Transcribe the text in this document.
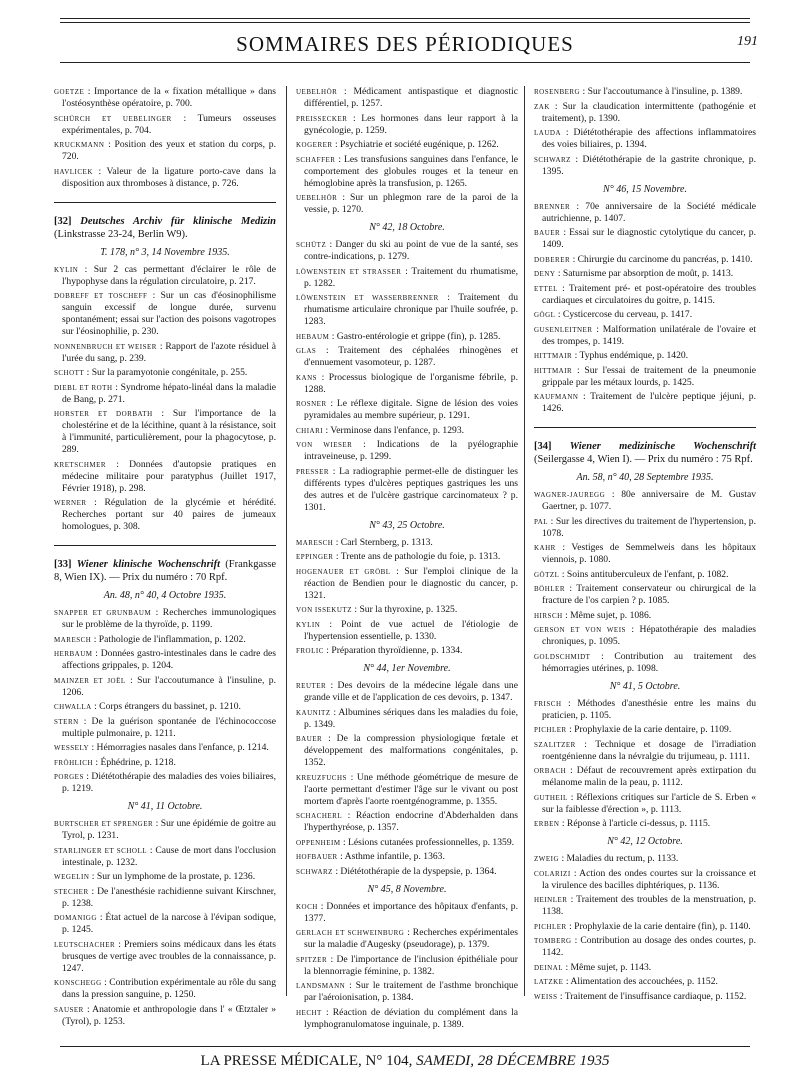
SOMMAIRES DES PÉRIODIQUES	191
GOETZE : Importance de la « fixation métallique » dans l'ostéosynthèse opératoire, p. 700.
SCHÜRCH ET UEBELINGER : Tumeurs osseuses expérimentales, p. 704.
KRUCKMANN : Position des yeux et station du corps, p. 720.
HAVLICEK : Valeur de la ligature porto-cave dans la disposition aux thromboses à distance, p. 726.
[32] Deutsches Archiv für klinische Medizin (Linkstrasse 23-24, Berlin W9).
T. 178, n° 3, 14 Novembre 1935.
KYLIN : Sur 2 cas permettant d'éclairer le rôle de l'hypophyse dans la régulation circulatoire, p. 217.
DOBREFF ET TOSCHEFF : Sur un cas d'éosinophilisme sanguin excessif de longue durée, survenu spontanément; essai sur l'action des poisons vagotropes sur l'éosinophilie, p. 230.
NONNENBRUCH ET WEISER : Rapport de l'azote résiduel à l'urée du sang, p. 239.
SCHOTT : Sur la paramyotonie congénitale, p. 255.
DIEBL ET ROTH : Syndrome hépato-linéal dans la maladie de Bang, p. 271.
HORSTER ET DORBATH : Sur l'importance de la cholestérine et de la lécithine, quant à la résistance, soit à l'immunité, particulièrement, pour la phagocytose, p. 289.
KRETSCHMER : Données d'autopsie pratiques en médecine militaire pour paratyphus (Juillet 1917, Février 1918), p. 298.
WERNER : Régulation de la glycémie et hérédité. Recherches portant sur 40 paires de jumeaux homologues, p. 308.
[33] Wiener klinische Wochenschrift (Frankgasse 8, Wien IX). — Prix du numéro : 70 Rpf.
An. 48, n° 40, 4 Octobre 1935.
SNAPPER ET GRUNBAUM : Recherches immunologiques sur le problème de la thyroïde, p. 1199.
MARESCH : Pathologie de l'inflammation, p. 1202.
HERBAUM : Données gastro-intestinales dans le cadre des affections grippales, p. 1204.
MAINZER ET JOËL : Sur l'accoutumance à l'insuline, p. 1206.
CHWALLA : Corps étrangers du bassinet, p. 1210.
STERN : De la guérison spontanée de l'échinococcose multiple pulmonaire, p. 1211.
WESSELY : Hémorragies nasales dans l'enfance, p. 1214.
FRÖHLICH : Éphédrine, p. 1218.
PORGES : Diététothérapie des maladies des voies biliaires, p. 1219.
N° 41, 11 Octobre.
BURTSCHER ET SPRENGER : Sur une épidémie de goitre au Tyrol, p. 1231.
STARLINGER ET SCHOLL : Cause de mort dans l'occlusion intestinale, p. 1232.
WEGELIN : Sur un lymphome de la prostate, p. 1236.
STECHER : De l'anesthésie rachidienne suivant Kirschner, p. 1238.
DOMANIGG : État actuel de la narcose à l'évipan sodique, p. 1245.
LEUTSCHACHER : Premiers soins médicaux dans les états brusques de vertige avec troubles de la connaissance, p. 1247.
KONSCHEGG : Contribution expérimentale au rôle du sang dans la pression sanguine, p. 1250.
SAUSER : Anatomie et anthropologie dans l' « Œtztaler » (Tyrol), p. 1253.
UEBELHÖR : Médicament antispastique et diagnostic différentiel, p. 1257.
PREISSECKER : Les hormones dans leur rapport à la gynécologie, p. 1259.
KOGERER : Psychiatrie et société eugénique, p. 1262.
SCHAFFER : Les transfusions sanguines dans l'enfance, le comportement des globules rouges et la teneur en hémoglobine après la transfusion, p. 1265.
UEBELHÖR : Sur un phlegmon rare de la paroi de la vessie, p. 1270.
N° 42, 18 Octobre.
SCHÜTZ : Danger du ski au point de vue de la santé, ses contre-indications, p. 1279.
LÖWENSTEIN ET STRASSER : Traitement du rhumatisme, p. 1282.
LÖWENSTEIN ET WASSERBRENNER : Traitement du rhumatisme articulaire chronique par l'huile soufrée, p. 1283.
HEBAUM : Gastro-entérologie et grippe (fin), p. 1285.
GLAS : Traitement des céphalées rhinogènes et d'ennuement vasomoteur, p. 1287.
KANS : Processus biologique de l'organisme fébrile, p. 1288.
ROSNER : Le réflexe digitale. Signe de lésion des voies pyramidales au membre supérieur, p. 1291.
CHIARI : Verminose dans l'enfance, p. 1293.
VON WIESER : Indications de la pyélographie intraveineuse, p. 1299.
PRESSER : La radiographie permet-elle de distinguer les différents types d'ulcères peptiques gastriques les uns des autres et de l'ulcère gastrique carcinomateux ? p. 1301.
N° 43, 25 Octobre.
MARESCH : Carl Sternberg, p. 1313.
EPPINGER : Trente ans de pathologie du foie, p. 1313.
HOGENAUER ET GRÖBL : Sur l'emploi clinique de la réaction de Bendien pour le diagnostic du cancer, p. 1321.
VON ISSEKUTZ : Sur la thyroxine, p. 1325.
KYLIN : Point de vue actuel de l'étiologie de l'hypertension essentielle, p. 1330.
FROLIC : Préparation thyroïdienne, p. 1334.
N° 44, 1er Novembre.
REUTER : Des devoirs de la médecine légale dans une grande ville et de l'application de ces devoirs, p. 1347.
KAUNITZ : Albumines sériques dans les maladies du foie, p. 1349.
BAUER : De la compression physiologique fœtale et développement des malformations congénitales, p. 1352.
KREUZFUCHS : Une méthode géométrique de mesure de l'aorte permettant d'estimer l'âge sur le vivant ou post mortem d'après l'aorte roentgénogramme, p. 1355.
SCHACHERL : Réaction endocrine d'Abderhalden dans l'hyperthyréose, p. 1357.
OPPENHEIM : Lésions cutanées professionnelles, p. 1359.
HOFBAUER : Asthme infantile, p. 1363.
SCHWARZ : Diététothérapie de la dyspepsie, p. 1364.
N° 45, 8 Novembre.
KOCH : Données et importance des hôpitaux d'enfants, p. 1377.
GERLACH ET SCHWEINBURG : Recherches expérimentales sur la maladie d'Augesky (pseudorage), p. 1379.
SPITZER : De l'importance de l'inclusion épithéliale pour la blennorragie féminine, p. 1382.
LANDSMANN : Sur le traitement de l'asthme bronchique par l'aéroionisation, p. 1384.
HECHT : Réaction de déviation du complément dans la lymphogranulomatose inguinale, p. 1389.
ROSENBERG : Sur l'accoutumance à l'insuline, p. 1389.
ZAK : Sur la claudication intermittente (pathogénie et traitement), p. 1390.
LAUDA : Diététothérapie des affections inflammatoires des voies biliaires, p. 1394.
SCHWARZ : Diététothérapie de la gastrite chronique, p. 1395.
N° 46, 15 Novembre.
BRENNER : 70e anniversaire de la Société médicale autrichienne, p. 1407.
BAUER : Essai sur le diagnostic cytolytique du cancer, p. 1409.
DOBERER : Chirurgie du carcinome du pancréas, p. 1410.
DENY : Saturnisme par absorption de moût, p. 1413.
ETTEL : Traitement pré- et post-opératoire des troubles cardiaques et circulatoires du goitre, p. 1415.
GÖGL : Cysticercose du cerveau, p. 1417.
GUSENLEITNER : Malformation unilatérale de l'ovaire et des trompes, p. 1419.
HITTMAIR : Typhus endémique, p. 1420.
HITTMAIR : Sur l'essai de traitement de la pneumonie grippale par les métaux lourds, p. 1425.
KAUFMANN : Traitement de l'ulcère peptique jéjuni, p. 1426.
[34] Wiener medizinische Wochenschrift (Seilergasse 4, Wien I). — Prix du numéro : 75 Rpf.
An. 58, n° 40, 28 Septembre 1935.
WAGNER-JAUREGG : 80e anniversaire de M. Gustav Gaertner, p. 1077.
PAL : Sur les directives du traitement de l'hypertension, p. 1078.
KAHR : Vestiges de Semmelweis dans les hôpitaux viennois, p. 1080.
GÖTZL : Soins antituberculeux de l'enfant, p. 1082.
BÖHLER : Traitement conservateur ou chirurgical de la fracture de l'os carpien ? p. 1085.
HIRSCH : Même sujet, p. 1086.
GERSON ET VON WEIS : Hépatothérapie des maladies chroniques, p. 1095.
GOLDSCHMIDT : Contribution au traitement des hémorragies utérines, p. 1098.
N° 41, 5 Octobre.
FRISCH : Méthodes d'anesthésie entre les mains du praticien, p. 1105.
PICHLER : Prophylaxie de la carie dentaire, p. 1109.
SZALITZER : Technique et dosage de l'irradiation roentgénienne dans la névralgie du trijumeau, p. 1111.
ORBACH : Défaut de recouvrement après extirpation du mélanome malin de la peau, p. 1112.
GUTHEIL : Réflexions critiques sur l'article de S. Erben « sur la faiblesse d'érection », p. 1113.
ERBEN : Réponse à l'article ci-dessus, p. 1115.
N° 42, 12 Octobre.
ZWEIG : Maladies du rectum, p. 1133.
COLARIZI : Action des ondes courtes sur la croissance et la virulence des bacilles diphtériques, p. 1136.
HEINLER : Traitement des troubles de la menstruation, p. 1138.
PICHLER : Prophylaxie de la carie dentaire (fin), p. 1140.
TOMBERG : Contribution au dosage des ondes courtes, p. 1142.
DEINAL : Même sujet, p. 1143.
LATZKE : Alimentation des accouchées, p. 1152.
WEISS : Traitement de l'insuffisance cardiaque, p. 1152.
LA PRESSE MÉDICALE, N° 104, SAMEDI, 28 DÉCEMBRE 1935
